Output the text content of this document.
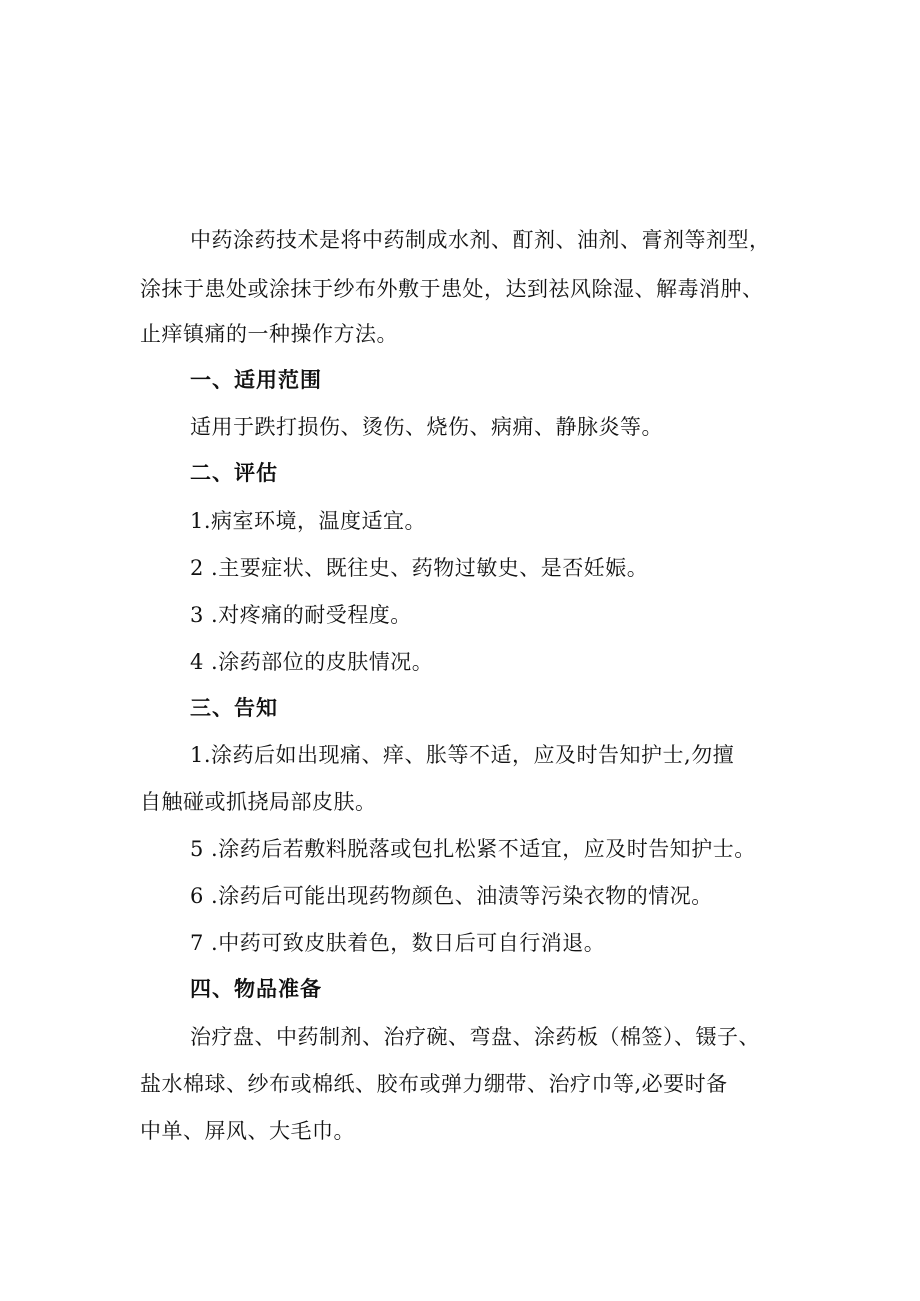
中药涂药技术是将中药制成水剂、酊剂、油剂、膏剂等剂型，
涂抹于患处或涂抹于纱布外敷于患处，达到祛风除湿、解毒消肿、
止痒镇痛的一种操作方法。
一、适用范围
适用于跌打损伤、烫伤、烧伤、病痈、静脉炎等。
二、评估
1.病室环境，温度适宜。
2 .主要症状、既往史、药物过敏史、是否妊娠。
3 .对疼痛的耐受程度。
4 .涂药部位的皮肤情况。
三、告知
1.涂药后如出现痛、痒、胀等不适，应及时告知护士,勿擅
自触碰或抓挠局部皮肤。
5 .涂药后若敷料脱落或包扎松紧不适宜，应及时告知护士。
6 .涂药后可能出现药物颜色、油渍等污染衣物的情况。
7 .中药可致皮肤着色，数日后可自行消退。
四、物品准备
治疗盘、中药制剂、治疗碗、弯盘、涂药板（棉签）、镊子、
盐水棉球、纱布或棉纸、胶布或弹力绷带、治疗巾等,必要时备
中单、屏风、大毛巾。
